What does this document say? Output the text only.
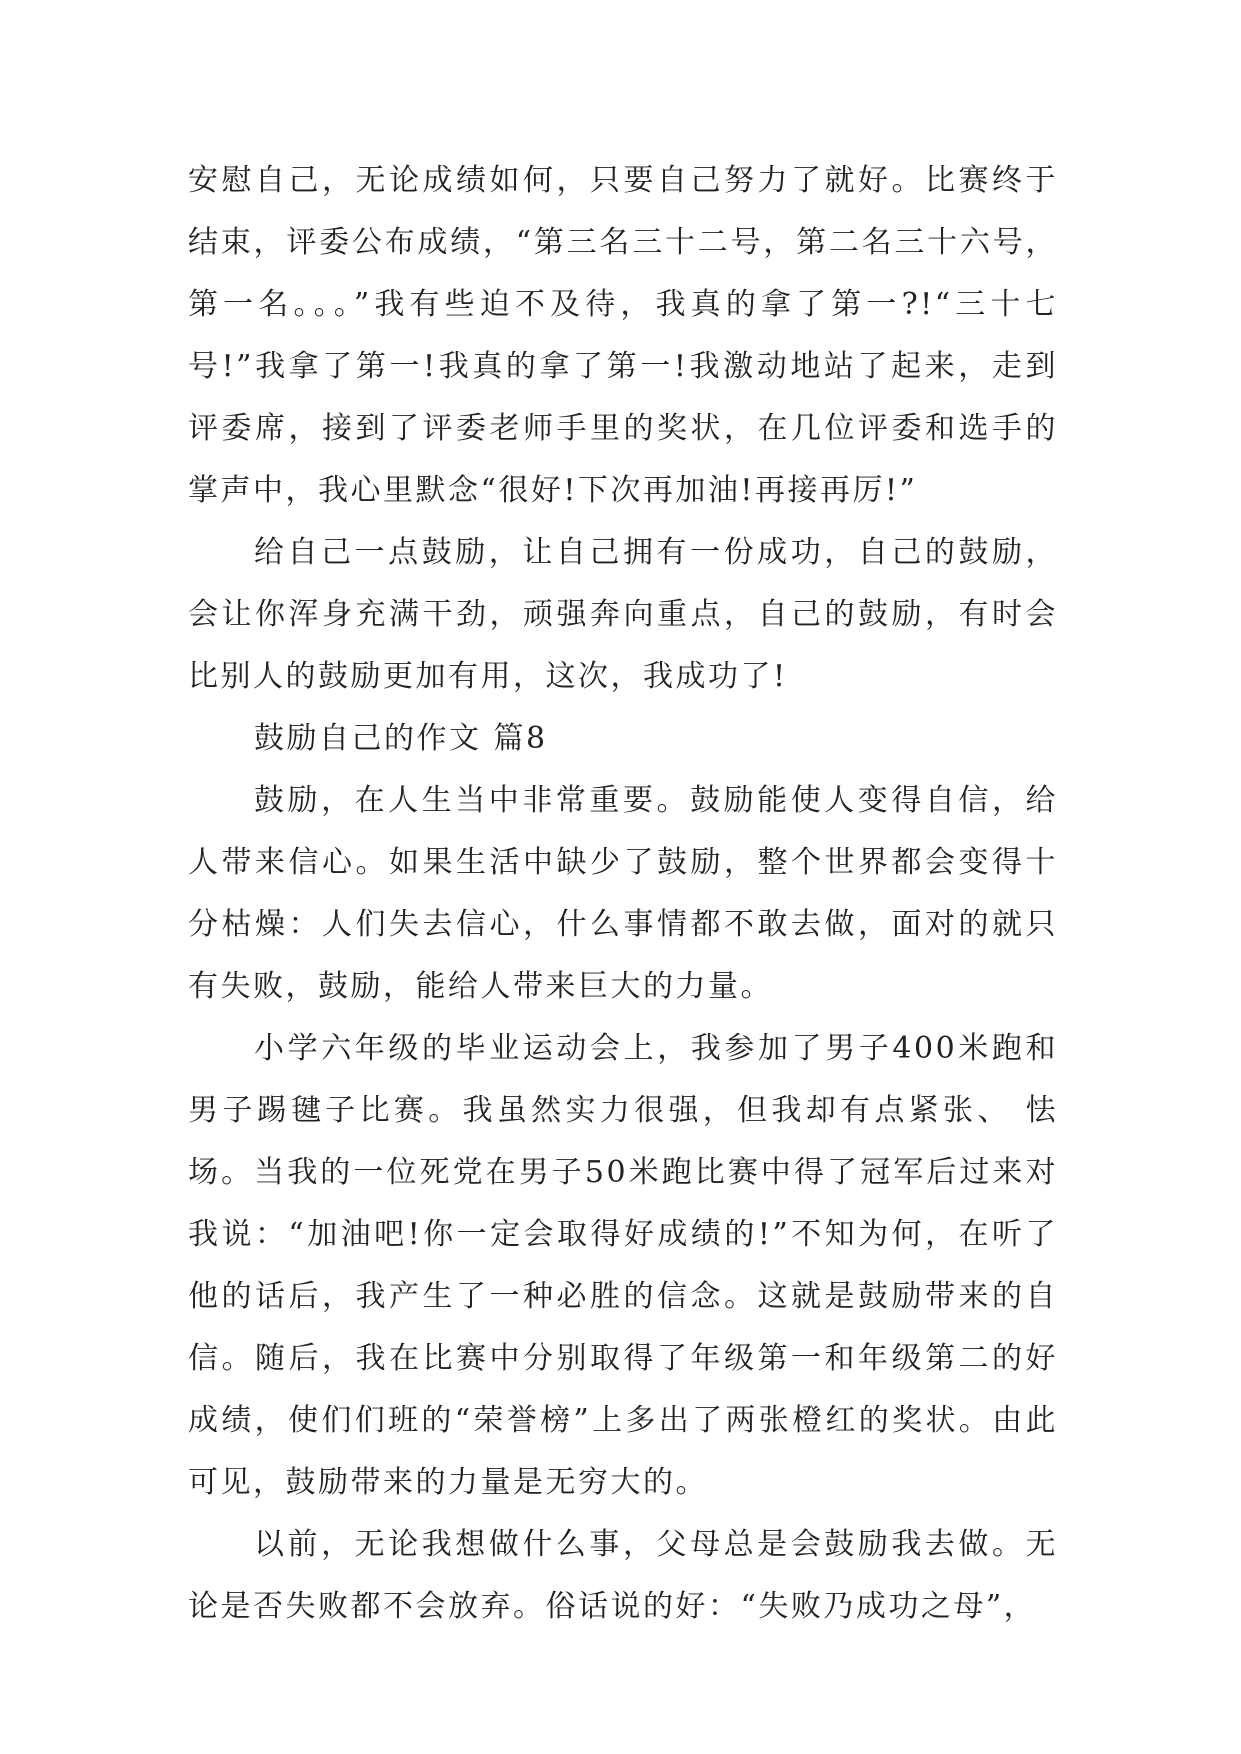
安慰自己，无论成绩如何，只要自己努力了就好。比赛终于结束，评委公布成绩，“第三名三十二号，第二名三十六号，第一名。。。”我有些迫不及待，我真的拿了第一?!“三十七号!”我拿了第一!我真的拿了第一!我激动地站了起来，走到评委席，接到了评委老师手里的奖状，在几位评委和选手的掌声中，我心里默念“很好!下次再加油!再接再厉!”

给自己一点鼓励，让自己拥有一份成功，自己的鼓励，会让你浑身充满干劲，顽强奔向重点，自己的鼓励，有时会比别人的鼓励更加有用，这次，我成功了!

鼓励自己的作文 篇8

鼓励，在人生当中非常重要。鼓励能使人变得自信，给人带来信心。如果生活中缺少了鼓励，整个世界都会变得十分枯燥：人们失去信心，什么事情都不敢去做，面对的就只有失败，鼓励，能给人带来巨大的力量。

小学六年级的毕业运动会上，我参加了男子400米跑和男子踢毽子比赛。我虽然实力很强，但我却有点紧张、 怯场。当我的一位死党在男子50米跑比赛中得了冠军后过来对我说：“加油吧!你一定会取得好成绩的!”不知为何，在听了他的话后，我产生了一种必胜的信念。这就是鼓励带来的自信。随后，我在比赛中分别取得了年级第一和年级第二的好成绩，使们们班的“荣誉榜”上多出了两张橙红的奖状。由此可见，鼓励带来的力量是无穷大的。

以前，无论我想做什么事，父母总是会鼓励我去做。无论是否失败都不会放弃。俗话说的好：“失败乃成功之母”，
